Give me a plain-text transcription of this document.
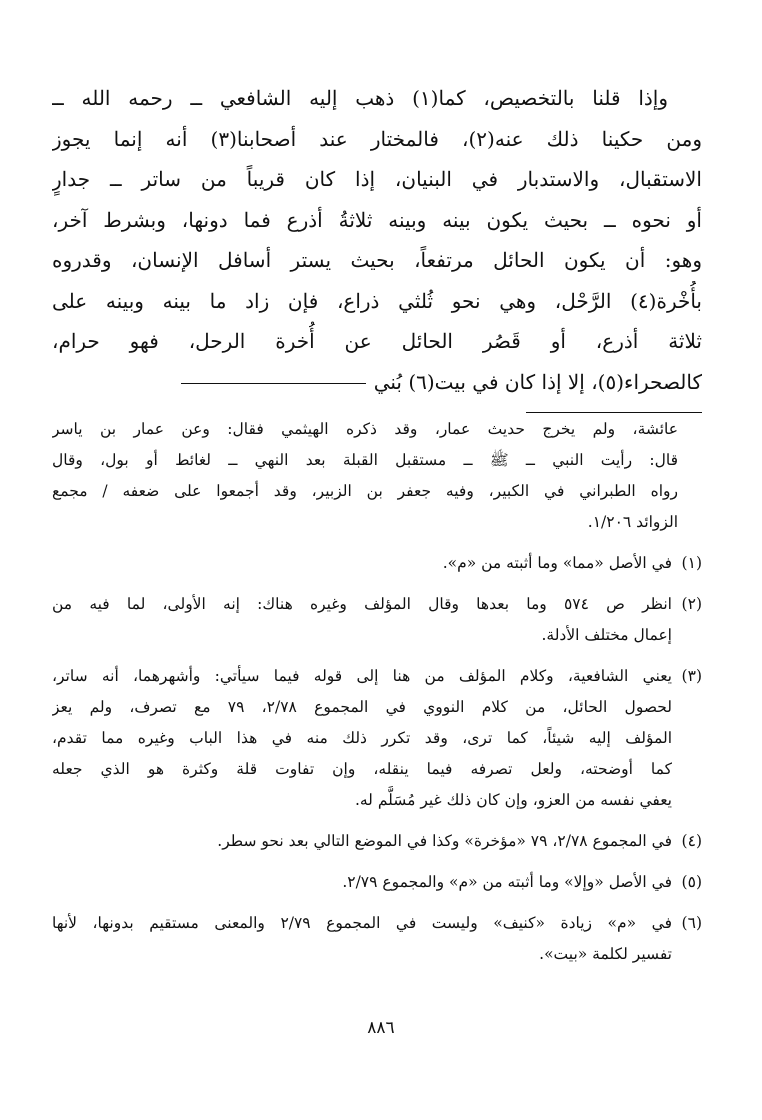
وإذا قلنا بالتخصيص، كما(١) ذهب إليه الشافعي ــ رحمه الله ــ
ومن حكينا ذلك عنه(٢)، فالمختار عند أصحابنا(٣) أنه إنما يجوز
الاستقبال، والاستدبار في البنيان، إذا كان قريباً من ساتر ــ جدارٍ
أو نحوه ــ بحيث يكون بينه وبينه ثلاثةُ أذرع فما دونها، وبشرط آخر،
وهو: أن يكون الحائل مرتفعاً، بحيث يستر أسافل الإنسان، وقدروه
بأُخْرة(٤) الرَّحْل، وهي نحو ثُلثي ذراع، فإن زاد ما بينه وبينه على
ثلاثة أذرع، أو قَصُر الحائل عن أُخرة الرحل، فهو حرام،
كالصحراء(٥)، إلا إذا كان في بيت(٦) بُني
عائشة، ولم يخرج حديث عمار، وقد ذكره الهيثمي فقال: وعن عمار بن ياسر
قال: رأيت النبي ــ ﷺ ــ مستقبل القبلة بعد النهي ــ لغائط أو بول، وقال
رواه الطبراني في الكبير، وفيه جعفر بن الزبير، وقد أجمعوا على ضعفه / مجمع
الزوائد ١/٢٠٦.
(١)
في الأصل «مما» وما أثبته من «م».
(٢)
انظر ص ٥٧٤ وما بعدها وقال المؤلف وغيره هناك: إنه الأولى، لما فيه من
إعمال مختلف الأدلة.
(٣)
يعني الشافعية، وكلام المؤلف من هنا إلى قوله فيما سيأتي: وأشهرهما، أنه ساتر،
لحصول الحائل، من كلام النووي في المجموع ٢/٧٨، ٧٩ مع تصرف، ولم يعز
المؤلف إليه شيئاً، كما ترى، وقد تكرر ذلك منه في هذا الباب وغيره مما تقدم،
كما أوضحته، ولعل تصرفه فيما ينقله، وإن تفاوت قلة وكثرة هو الذي جعله
يعفي نفسه من العزو، وإن كان ذلك غير مُسَلَّم له.
(٤)
في المجموع ٢/٧٨، ٧٩ «مؤخرة» وكذا في الموضع التالي بعد نحو سطر.
(٥)
في الأصل «وإلا» وما أثبته من «م» والمجموع ٢/٧٩.
(٦)
في «م» زيادة «كنيف» وليست في المجموع ٢/٧٩ والمعنى مستقيم بدونها، لأنها
تفسير لكلمة «بيت».
٨٨٦
